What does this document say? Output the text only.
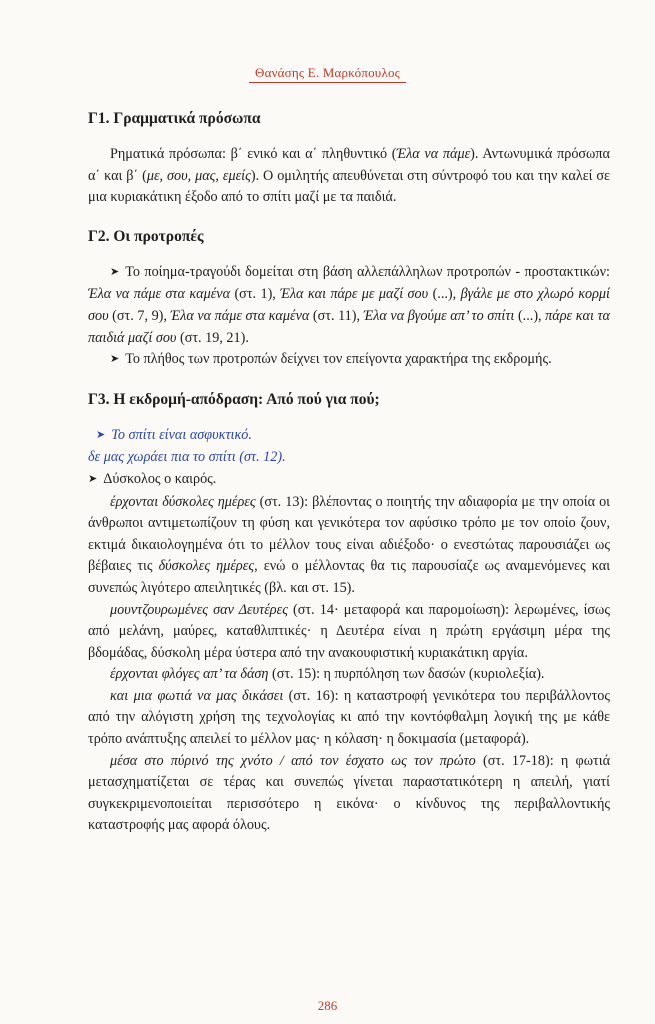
Θανάσης Ε. Μαρκόπουλος
Γ1. Γραμματικά πρόσωπα

Ρηματικά πρόσωπα: β΄ ενικό και α΄ πληθυντικό (Έλα να πάμε). Αντωνυμικά πρόσωπα α΄ και β΄ (με, σου, μας, εμείς). Ο ομιλητής απευθύνεται στη σύντροφό του και την καλεί σε μια κυριακάτικη έξοδο από το σπίτι μαζί με τα παιδιά.

Γ2. Οι προτροπές

➤ Το ποίημα-τραγούδι δομείται στη βάση αλλεπάλληλων προτροπών - προστακτικών: Έλα να πάμε στα καμένα (στ. 1), Έλα και πάρε με μαζί σου (...), βγάλε με στο χλωρό κορμί σου (στ. 7, 9), Έλα να πάμε στα καμένα (στ. 11), Έλα να βγούμε απ’ το σπίτι (...), πάρε και τα παιδιά μαζί σου (στ. 19, 21).

➤ Το πλήθος των προτροπών δείχνει τον επείγοντα χαρακτήρα της εκδρομής.

Γ3. Η εκδρομή-απόδραση: Από πού για πού;

➤ Το σπίτι είναι ασφυκτικό.

δε μας χωράει πια το σπίτι (στ. 12).

➤ Δύσκολος ο καιρός.

έρχονται δύσκολες ημέρες (στ. 13): βλέποντας ο ποιητής την αδιαφορία με την οποία οι άνθρωποι αντιμετωπίζουν τη φύση και γενικότερα τον αφύσικο τρόπο με τον οποίο ζουν, εκτιμά δικαιολογημένα ότι το μέλλον τους είναι αδιέξοδο· ο ενεστώτας παρουσιάζει ως βέβαιες τις δύσκολες ημέρες, ενώ ο μέλλοντας θα τις παρουσίαζε ως αναμενόμενες και συνεπώς λιγότερο απειλητικές (βλ. και στ. 15).

μουντζουρωμένες σαν Δευτέρες (στ. 14· μεταφορά και παρομοίωση): λερωμένες, ίσως από μελάνη, μαύρες, καταθλιπτικές· η Δευτέρα είναι η πρώτη εργάσιμη μέρα της βδομάδας, δύσκολη μέρα ύστερα από την ανακουφιστική κυριακάτικη αργία.

έρχονται φλόγες απ’ τα δάση (στ. 15): η πυρπόληση των δασών (κυριολεξία).

και μια φωτιά να μας δικάσει (στ. 16): η καταστροφή γενικότερα του περιβάλλοντος από την αλόγιστη χρήση της τεχνολογίας κι από την κοντόφθαλμη λογική της με κάθε τρόπο ανάπτυξης απειλεί το μέλλον μας· η κόλαση· η δοκιμασία (μεταφορά).

μέσα στο πύρινό της χνότο / από τον έσχατο ως τον πρώτο (στ. 17-18): η φωτιά μετασχηματίζεται σε τέρας και συνεπώς γίνεται παραστατικότερη η απειλή, γιατί συγκεκριμενοποιείται περισσότερο η εικόνα· ο κίνδυνος της περιβαλλοντικής καταστροφής μας αφορά όλους.

286
